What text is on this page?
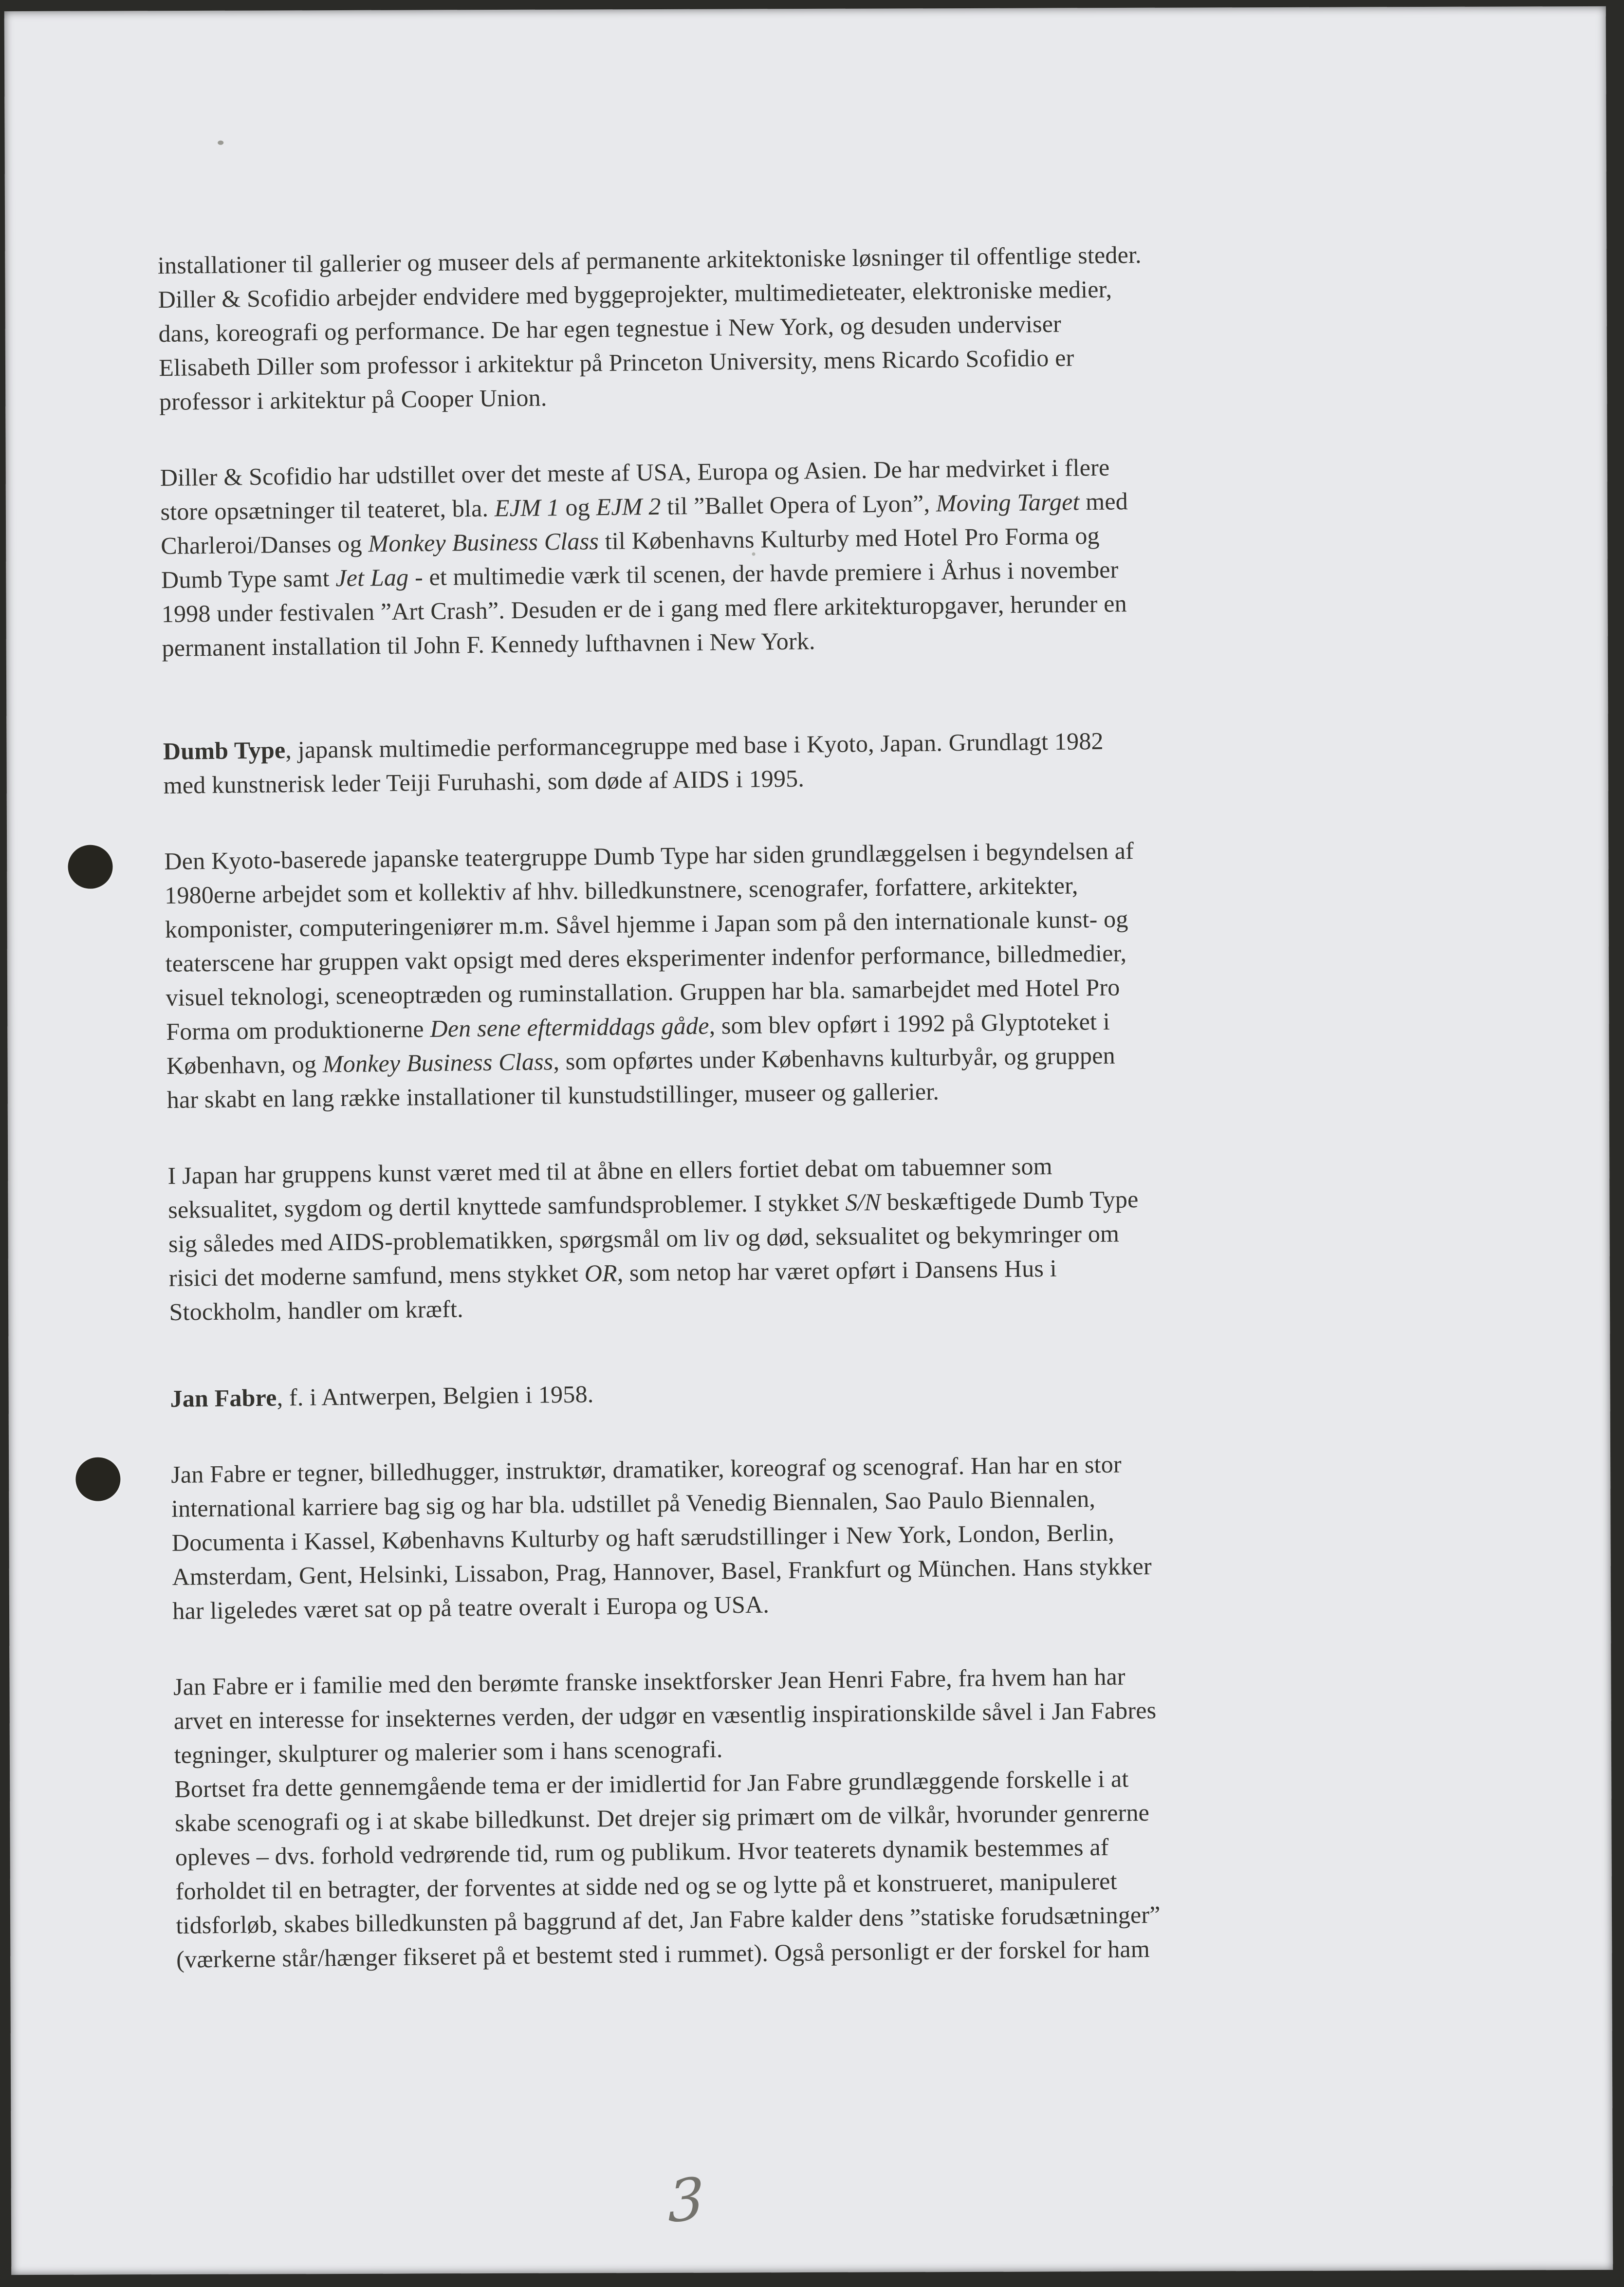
installationer til gallerier og museer dels af permanente arkitektoniske løsninger til offentlige steder.
Diller & Scofidio arbejder endvidere med byggeprojekter, multimedieteater, elektroniske medier,
dans, koreografi og performance. De har egen tegnestue i New York, og desuden underviser
Elisabeth Diller som professor i arkitektur på Princeton University, mens Ricardo Scofidio er
professor i arkitektur på Cooper Union.

Diller & Scofidio har udstillet over det meste af USA, Europa og Asien. De har medvirket i flere
store opsætninger til teateret, bla. EJM 1 og EJM 2 til ”Ballet Opera of Lyon”, Moving Target med
Charleroi/Danses og Monkey Business Class til Københavns Kulturby med Hotel Pro Forma og
Dumb Type samt Jet Lag - et multimedie værk til scenen, der havde premiere i Århus i november
1998 under festivalen ”Art Crash”. Desuden er de i gang med flere arkitekturopgaver, herunder en
permanent installation til John F. Kennedy lufthavnen i New York.

Dumb Type, japansk multimedie performancegruppe med base i Kyoto, Japan. Grundlagt 1982
med kunstnerisk leder Teiji Furuhashi, som døde af AIDS i 1995.

Den Kyoto-baserede japanske teatergruppe Dumb Type har siden grundlæggelsen i begyndelsen af
1980erne arbejdet som et kollektiv af hhv. billedkunstnere, scenografer, forfattere, arkitekter,
komponister, computeringeniører m.m. Såvel hjemme i Japan som på den internationale kunst- og
teaterscene har gruppen vakt opsigt med deres eksperimenter indenfor performance, billedmedier,
visuel teknologi, sceneoptræden og ruminstallation. Gruppen har bla. samarbejdet med Hotel Pro
Forma om produktionerne Den sene eftermiddags gåde, som blev opført i 1992 på Glyptoteket i
København, og Monkey Business Class, som opførtes under Københavns kulturbyår, og gruppen
har skabt en lang række installationer til kunstudstillinger, museer og gallerier.

I Japan har gruppens kunst været med til at åbne en ellers fortiet debat om tabuemner som
seksualitet, sygdom og dertil knyttede samfundsproblemer. I stykket S/N beskæftigede Dumb Type
sig således med AIDS-problematikken, spørgsmål om liv og død, seksualitet og bekymringer om
risici det moderne samfund, mens stykket OR, som netop har været opført i Dansens Hus i
Stockholm, handler om kræft.

Jan Fabre, f. i Antwerpen, Belgien i 1958.

Jan Fabre er tegner, billedhugger, instruktør, dramatiker, koreograf og scenograf. Han har en stor
international karriere bag sig og har bla. udstillet på Venedig Biennalen, Sao Paulo Biennalen,
Documenta i Kassel, Københavns Kulturby og haft særudstillinger i New York, London, Berlin,
Amsterdam, Gent, Helsinki, Lissabon, Prag, Hannover, Basel, Frankfurt og München. Hans stykker
har ligeledes været sat op på teatre overalt i Europa og USA.

Jan Fabre er i familie med den berømte franske insektforsker Jean Henri Fabre, fra hvem han har
arvet en interesse for insekternes verden, der udgør en væsentlig inspirationskilde såvel i Jan Fabres
tegninger, skulpturer og malerier som i hans scenografi.
Bortset fra dette gennemgående tema er der imidlertid for Jan Fabre grundlæggende forskelle i at
skabe scenografi og i at skabe billedkunst. Det drejer sig primært om de vilkår, hvorunder genrerne
opleves – dvs. forhold vedrørende tid, rum og publikum. Hvor teaterets dynamik bestemmes af
forholdet til en betragter, der forventes at sidde ned og se og lytte på et konstrueret, manipuleret
tidsforløb, skabes billedkunsten på baggrund af det, Jan Fabre kalder dens ”statiske forudsætninger”
(værkerne står/hænger fikseret på et bestemt sted i rummet). Også personligt er der forskel for ham

3
